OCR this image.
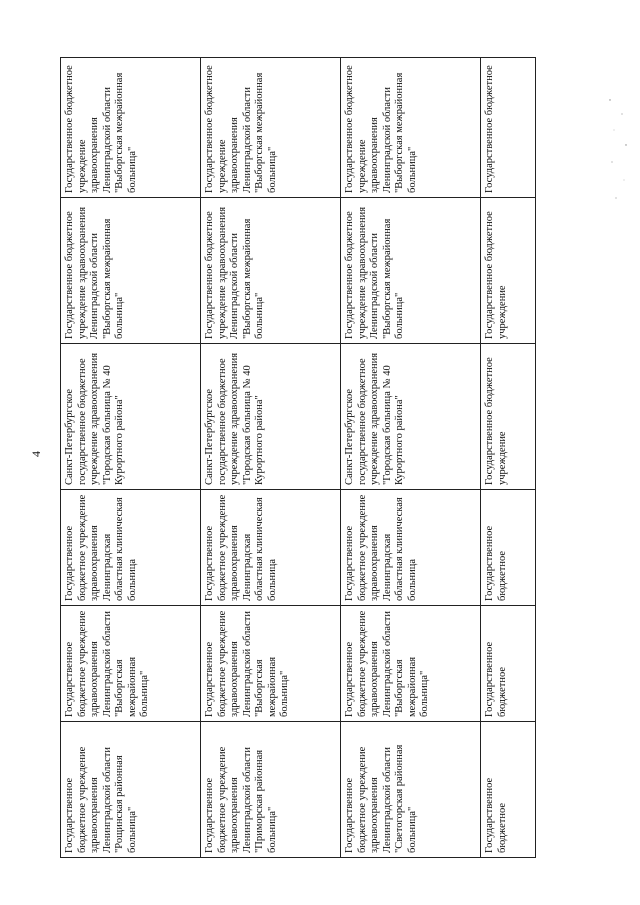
4
Государственное бюджетное учреждение здравоохранения Ленинградской области "Рощинская районная больница"	Государственное бюджетное учреждение здравоохранения Ленинградской области "Выборгская межрайонная больница"	Государственное бюджетное учреждение здравоохранения Ленинградская областная клиническая больница	Санкт-Петербургское государственное бюджетное учреждение здравоохранения "Городская больница № 40 Курортного района"	Государственное бюджетное учреждение здравоохранения Ленинградской области "Выборгская межрайонная больница"	Государственное бюджетное учреждение здравоохранения Ленинградской области "Выборгская межрайонная больница"
Государственное бюджетное учреждение здравоохранения Ленинградской области "Приморская районная больница"	Государственное бюджетное учреждение здравоохранения Ленинградской области "Выборгская межрайонная больница"	Государственное бюджетное учреждение здравоохранения Ленинградская областная клиническая больница	Санкт-Петербургское государственное бюджетное учреждение здравоохранения "Городская больница № 40 Курортного района"	Государственное бюджетное учреждение здравоохранения Ленинградской области "Выборгская межрайонная больница"	Государственное бюджетное учреждение здравоохранения Ленинградской области "Выборгская межрайонная больница"
Государственное бюджетное учреждение здравоохранения Ленинградской области "Светогорская районная больница"	Государственное бюджетное учреждение здравоохранения Ленинградской области "Выборгская межрайонная больница"	Государственное бюджетное учреждение здравоохранения Ленинградская областная клиническая больница	Санкт-Петербургское государственное бюджетное учреждение здравоохранения "Городская больница № 40 Курортного района"	Государственное бюджетное учреждение здравоохранения Ленинградской области "Выборгская межрайонная больница"	Государственное бюджетное учреждение здравоохранения Ленинградской области "Выборгская межрайонная больница"
Государственное бюджетное	Государственное бюджетное	Государственное бюджетное	Государственное бюджетное учреждение	Государственное бюджетное учреждение	Государственное бюджетное
